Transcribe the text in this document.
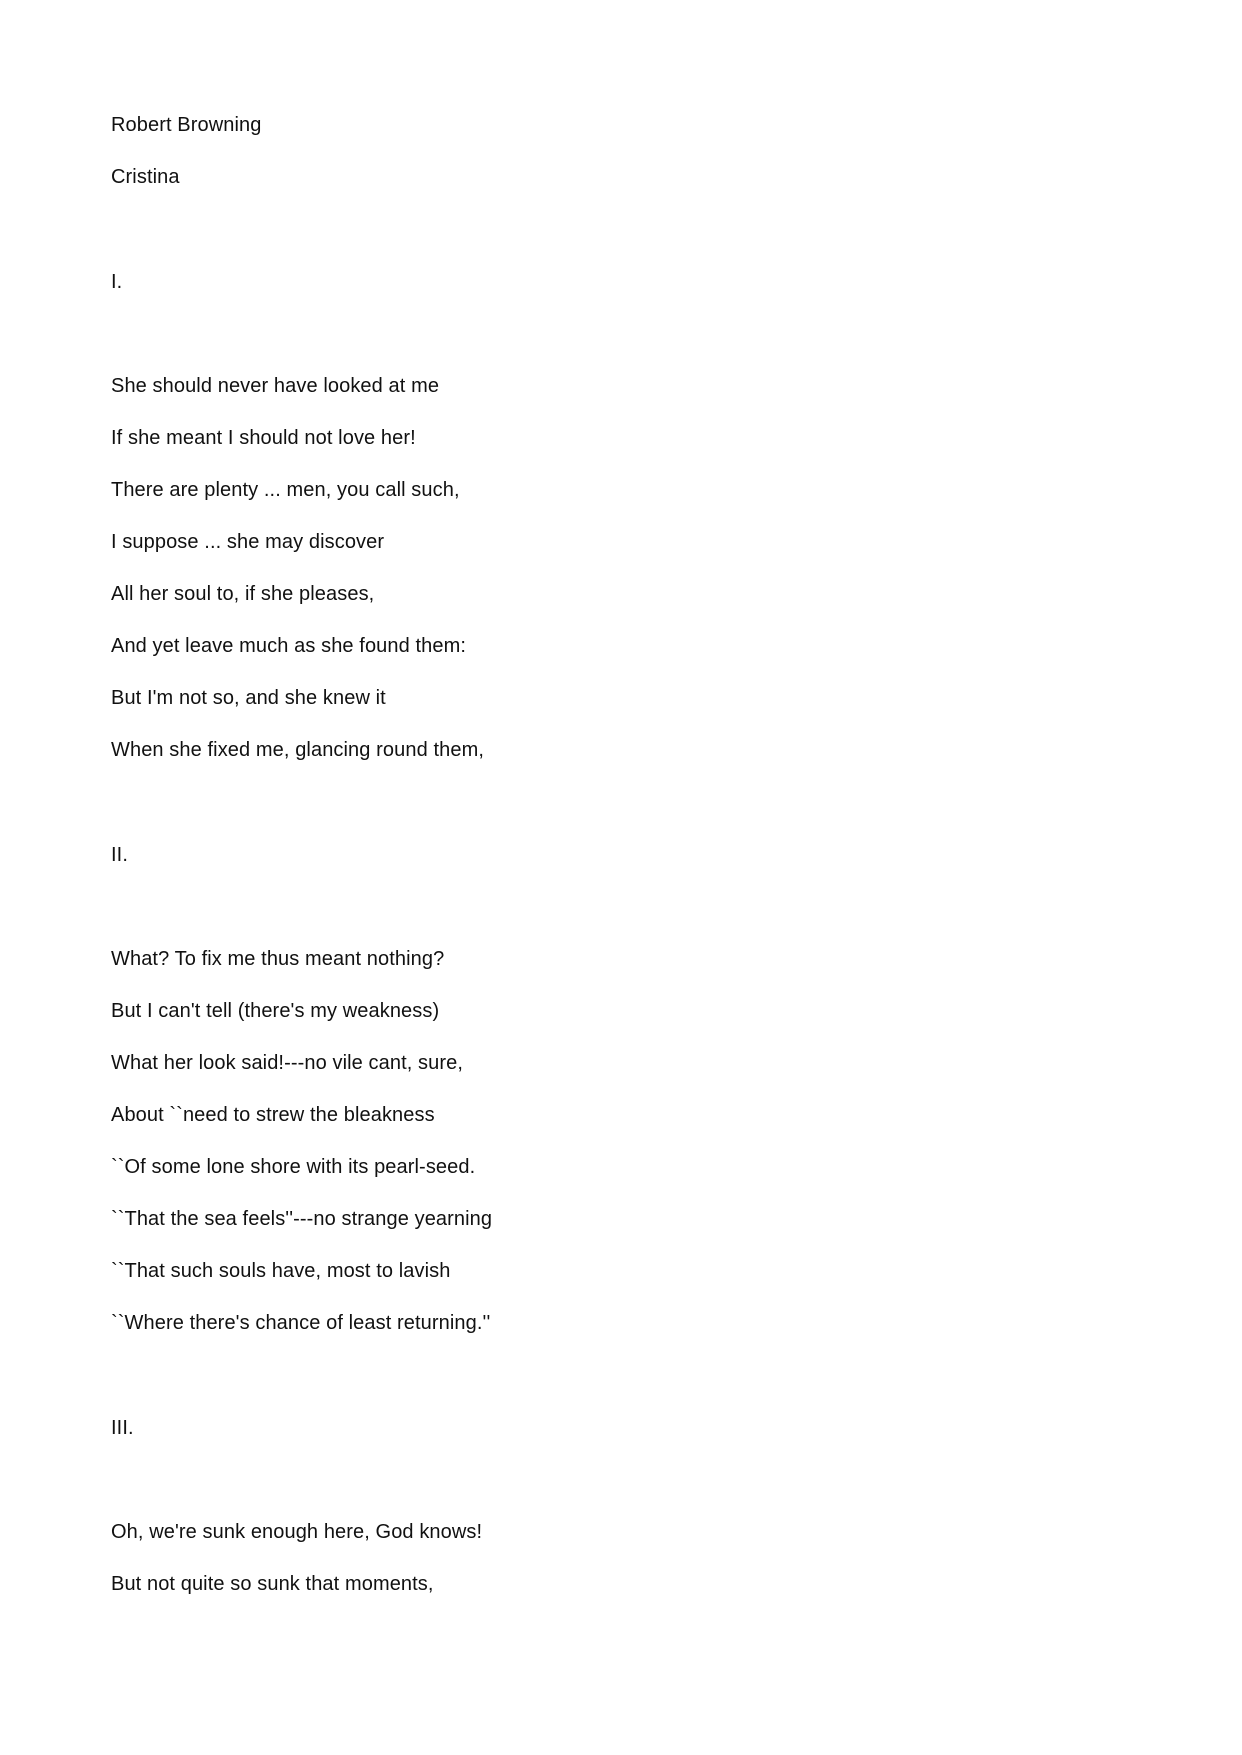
Robert Browning
Cristina
I.
She should never have looked at me
If she meant I should not love her!
There are plenty ... men, you call such,
I suppose ... she may discover
All her soul to, if she pleases,
And yet leave much as she found them:
But I'm not so, and she knew it
When she fixed me, glancing round them,
II.
What? To fix me thus meant nothing?
But I can't tell (there's my weakness)
What her look said!---no vile cant, sure,
About ``need to strew the bleakness
``Of some lone shore with its pearl-seed.
``That the sea feels''---no strange yearning
``That such souls have, most to lavish
``Where there's chance of least returning.''
III.
Oh, we're sunk enough here, God knows!
But not quite so sunk that moments,
